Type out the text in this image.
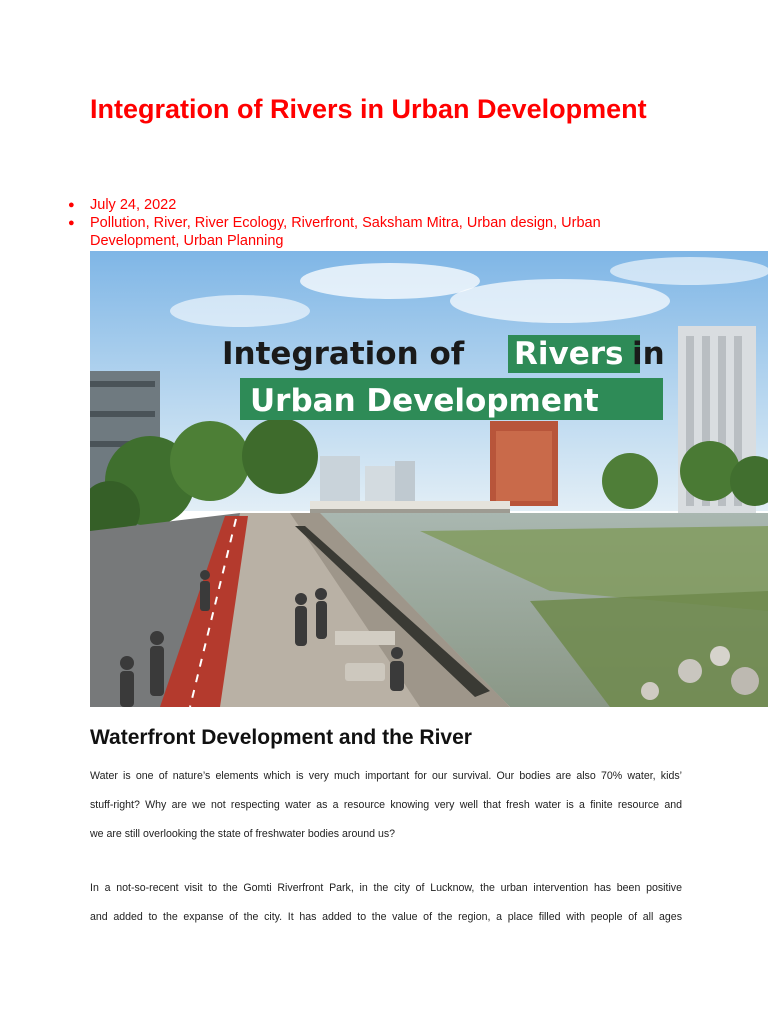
Integration of Rivers in Urban Development
● July 24, 2022
● Pollution, River, River Ecology, Riverfront, Saksham Mitra, Urban design, Urban Development, Urban Planning
Integration of Rivers in
Urban Development
Waterfront Development and the River
Water is one of nature’s elements which is very much important for our survival. Our bodies are also 70% water, kids’
stuff-right? Why are we not respecting water as a resource knowing very well that fresh water is a finite resource and
we are still overlooking the state of freshwater bodies around us?
In a not-so-recent visit to the Gomti Riverfront Park, in the city of Lucknow, the urban intervention has been positive
and added to the expanse of the city. It has added to the value of the region, a place filled with people of all ages
